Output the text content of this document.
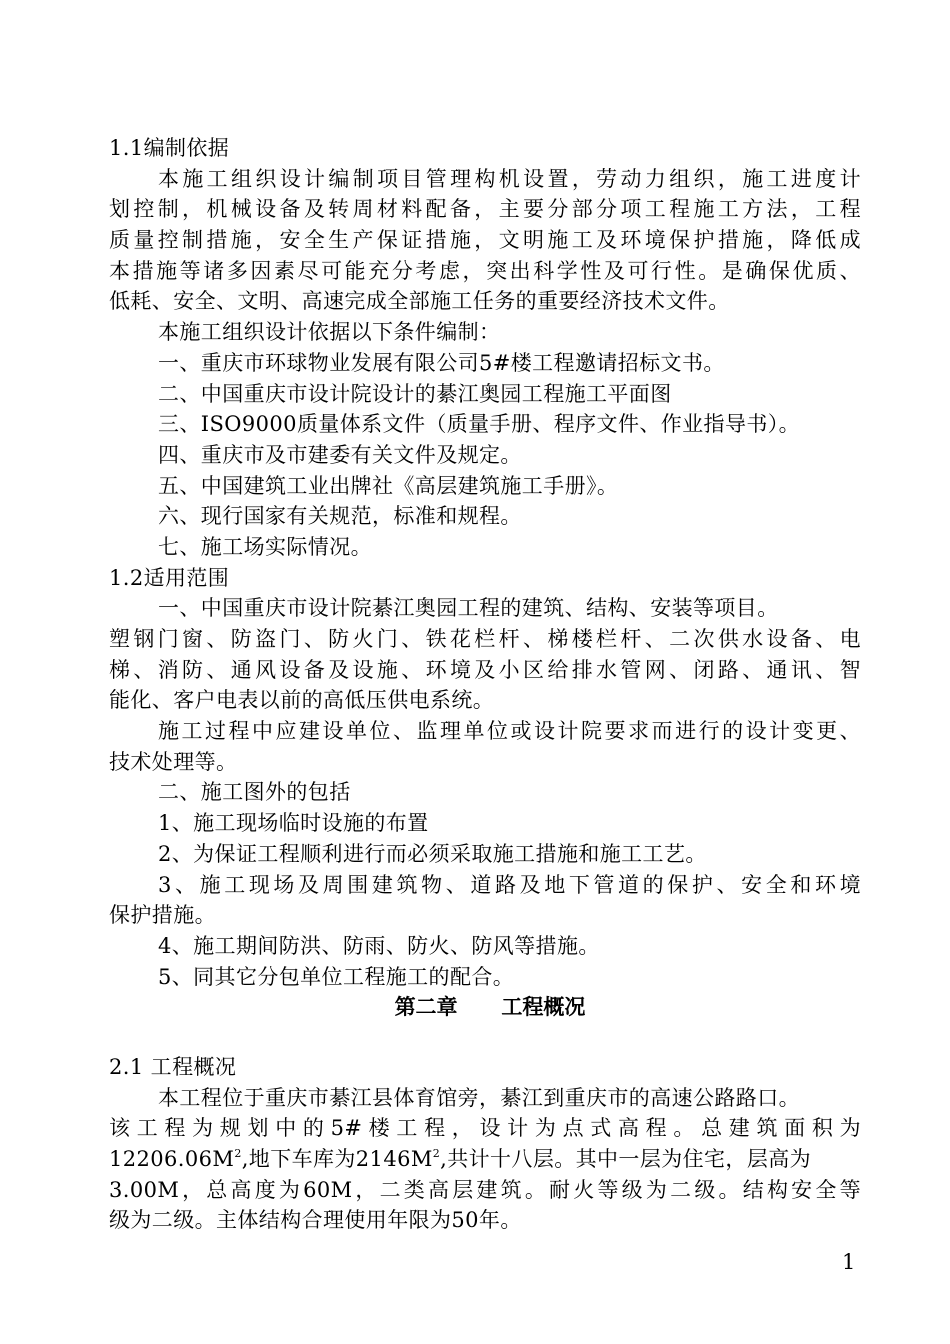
1.1编制依据
本施工组织设计编制项目管理构机设置，劳动力组织，施工进度计
划控制，机械设备及转周材料配备，主要分部分项工程施工方法，工程
质量控制措施，安全生产保证措施，文明施工及环境保护措施，降低成
本措施等诸多因素尽可能充分考虑，突出科学性及可行性。是确保优质、
低耗、安全、文明、高速完成全部施工任务的重要经济技术文件。
本施工组织设计依据以下条件编制：
一、重庆市环球物业发展有限公司5#楼工程邀请招标文书。
二、中国重庆市设计院设计的綦江奥园工程施工平面图
三、ISO9000质量体系文件（质量手册、程序文件、作业指导书）。
四、重庆市及市建委有关文件及规定。
五、中国建筑工业出牌社《高层建筑施工手册》。
六、现行国家有关规范，标准和规程。
七、施工场实际情况。
1.2适用范围
一、中国重庆市设计院綦江奥园工程的建筑、结构、安装等项目。
塑钢门窗、防盗门、防火门、铁花栏杆、梯楼栏杆、二次供水设备、电
梯、消防、通风设备及设施、环境及小区给排水管网、闭路、通讯、智
能化、客户电表以前的高低压供电系统。
施工过程中应建设单位、监理单位或设计院要求而进行的设计变更、
技术处理等。
二、施工图外的包括
1、施工现场临时设施的布置
2、为保证工程顺利进行而必须采取施工措施和施工工艺。
3、施工现场及周围建筑物、道路及地下管道的保护、安全和环境
保护措施。
4、施工期间防洪、防雨、防火、防风等措施。
5、同其它分包单位工程施工的配合。
第二章      工程概况
2.1 工程概况
本工程位于重庆市綦江县体育馆旁，綦江到重庆市的高速公路路口。
该工程为规划中的5#楼工程，设计为点式高程。总建筑面积为
$12206.06M^2$,地下车库为$2146M^2$,共计十八层。其中一层为住宅，层高为
3.00M，总高度为60M，二类高层建筑。耐火等级为二级。结构安全等
级为二级。主体结构合理使用年限为50年。
1
